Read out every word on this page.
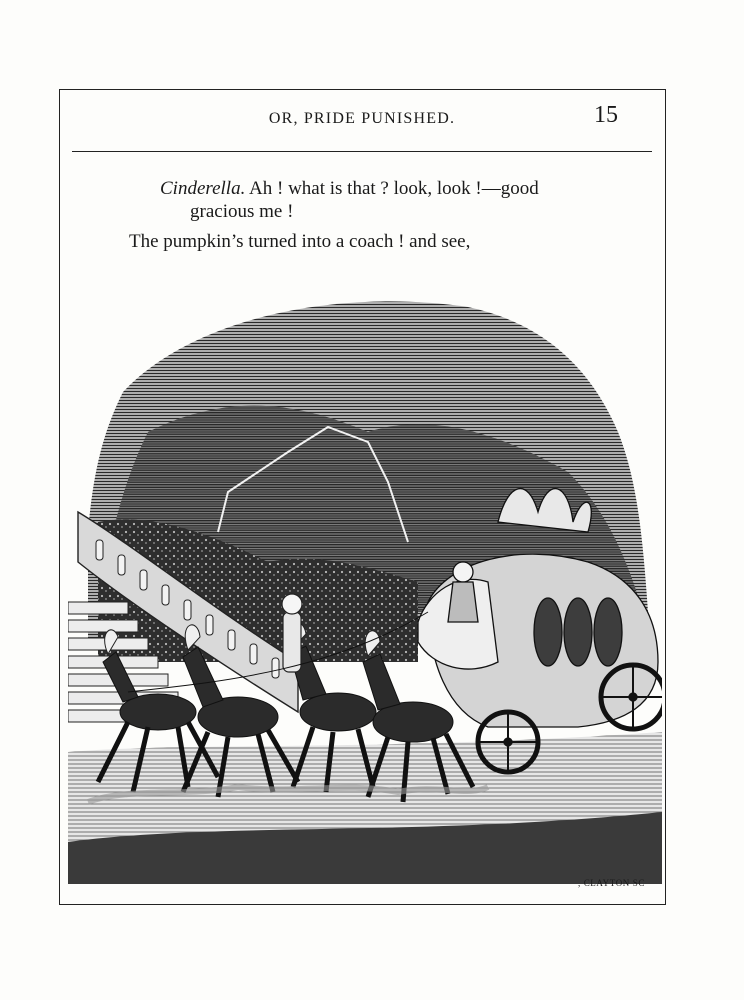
OR, PRIDE PUNISHED.	15
Cinderella. Ah ! what is that ? look, look !—good
gracious me !
The pumpkin’s turned into a coach ! and see,
, CLAYTON SC
